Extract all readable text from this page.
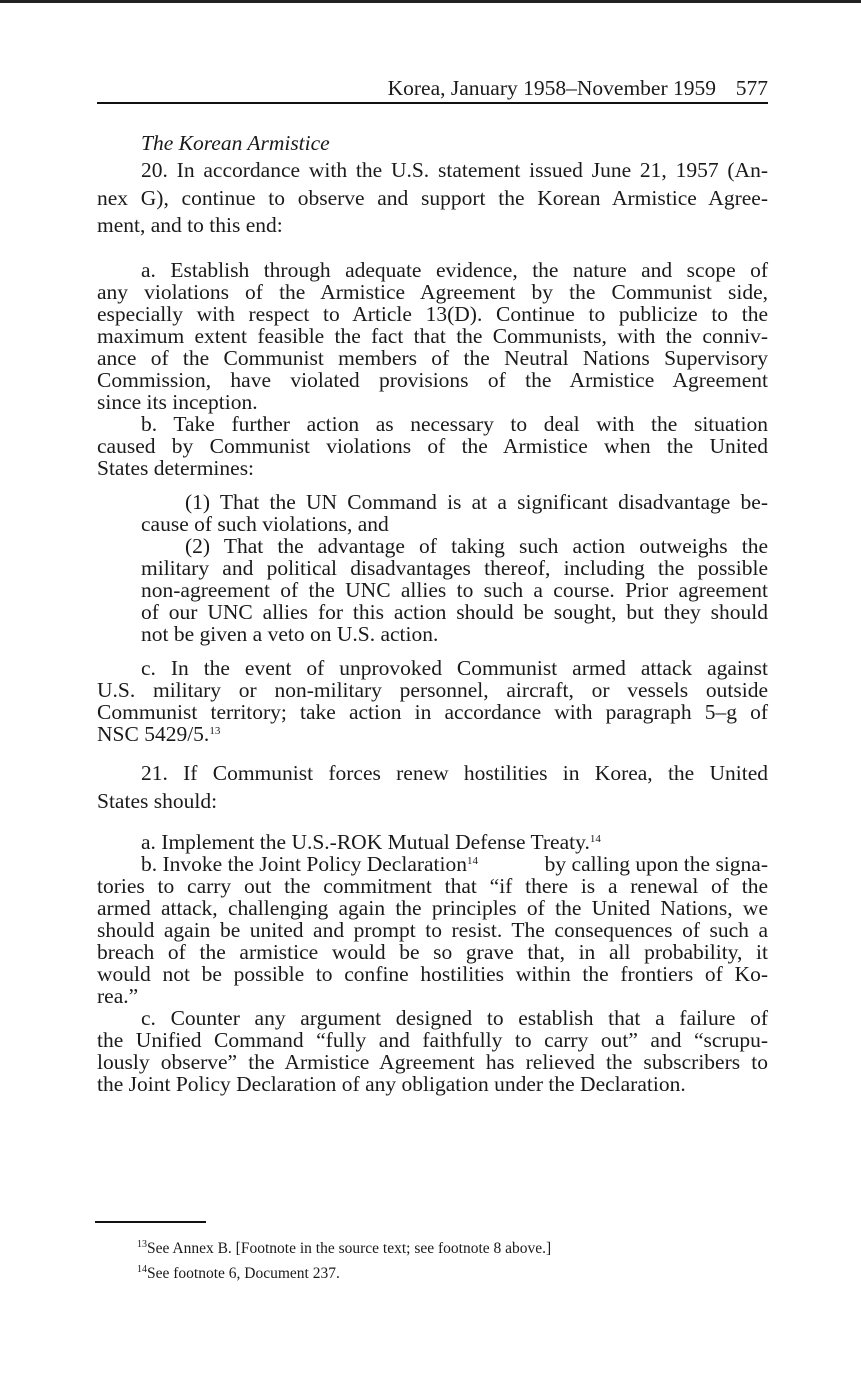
Korea, January 1958–November 1959 577
The Korean Armistice
20. In accordance with the U.S. statement issued June 21, 1957 (An-
nex G), continue to observe and support the Korean Armistice Agree-
ment, and to this end:
a. Establish through adequate evidence, the nature and scope of
any violations of the Armistice Agreement by the Communist side,
especially with respect to Article 13(D). Continue to publicize to the
maximum extent feasible the fact that the Communists, with the conniv-
ance of the Communist members of the Neutral Nations Supervisory
Commission, have violated provisions of the Armistice Agreement
since its inception.
b. Take further action as necessary to deal with the situation
caused by Communist violations of the Armistice when the United
States determines:
(1) That the UN Command is at a significant disadvantage be-
cause of such violations, and
(2) That the advantage of taking such action outweighs the
military and political disadvantages thereof, including the possible
non-agreement of the UNC allies to such a course. Prior agreement
of our UNC allies for this action should be sought, but they should
not be given a veto on U.S. action.
c. In the event of unprovoked Communist armed attack against
U.S. military or non-military personnel, aircraft, or vessels outside
Communist territory; take action in accordance with paragraph 5–g of
NSC 5429/5.13
21. If Communist forces renew hostilities in Korea, the United
States should:
a. Implement the U.S.-ROK Mutual Defense Treaty.$^{14}$
b. Invoke the Joint Policy Declaration$^{14}$	by calling upon the signa-
tories to carry out the commitment that “if there is a renewal of the
armed attack, challenging again the principles of the United Nations, we
should again be united and prompt to resist. The consequences of such a
breach of the armistice would be so grave that, in all probability, it
would not be possible to confine hostilities within the frontiers of Ko-
rea.”
c. Counter any argument designed to establish that a failure of
the Unified Command “fully and faithfully to carry out” and “scrupu-
lously observe” the Armistice Agreement has relieved the subscribers to
the Joint Policy Declaration of any obligation under the Declaration.
$^{13}$See Annex B. [Footnote in the source text; see footnote 8 above.]
$^{14}$See footnote 6, Document 237.
